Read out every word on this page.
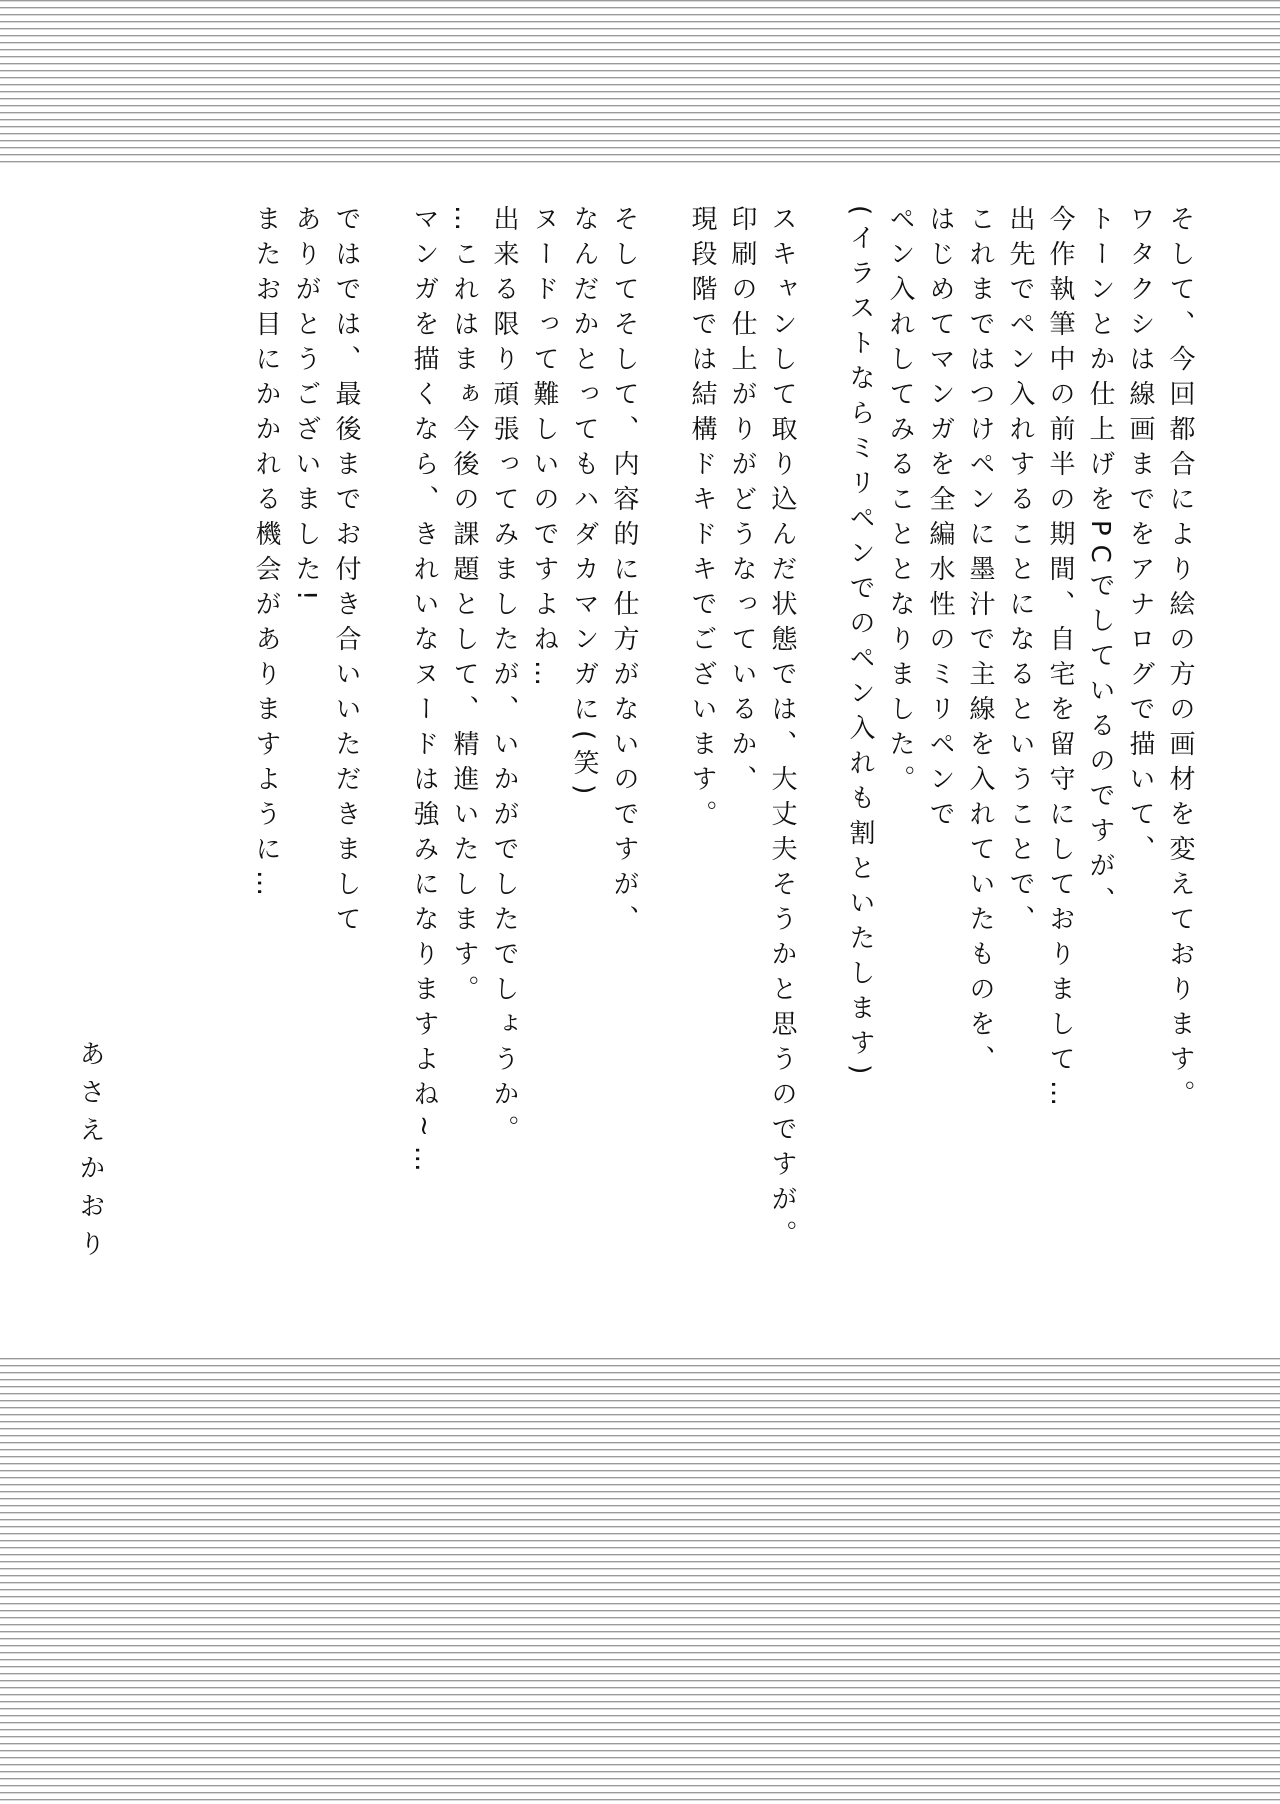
そして、今回都合により絵の方の画材を変えております。
ワタクシは線画までをアナログで描いて、
トーンとか仕上げをPCでしているのですが、
今作執筆中の前半の期間、自宅を留守にしておりまして…

出先でペン入れすることになるということで、
これまではつけペンに墨汁で主線を入れていたものを、
はじめてマンガを全編水性のミリペンで
ペン入れしてみることとなりました。
(イラストならミリペンでのペン入れも割といたします)

スキャンして取り込んだ状態では、大丈夫そうかと思うのですが。
印刷の仕上がりがどうなっているか、
現段階では結構ドキドキでございます。

そしてそして、内容的に仕方がないのですが、
なんだかとってもハダカマンガに(笑)
ヌードって難しいのですよね…
出来る限り頑張ってみましたが、いかがでしたでしょうか。
…これはまぁ今後の課題として、精進いたします。
マンガを描くなら、きれいなヌードは強みになりますよね~…

ではでは、最後までお付き合いいただきまして
ありがとうございました!
またお目にかかれる機会がありますように…

あさえかおり
